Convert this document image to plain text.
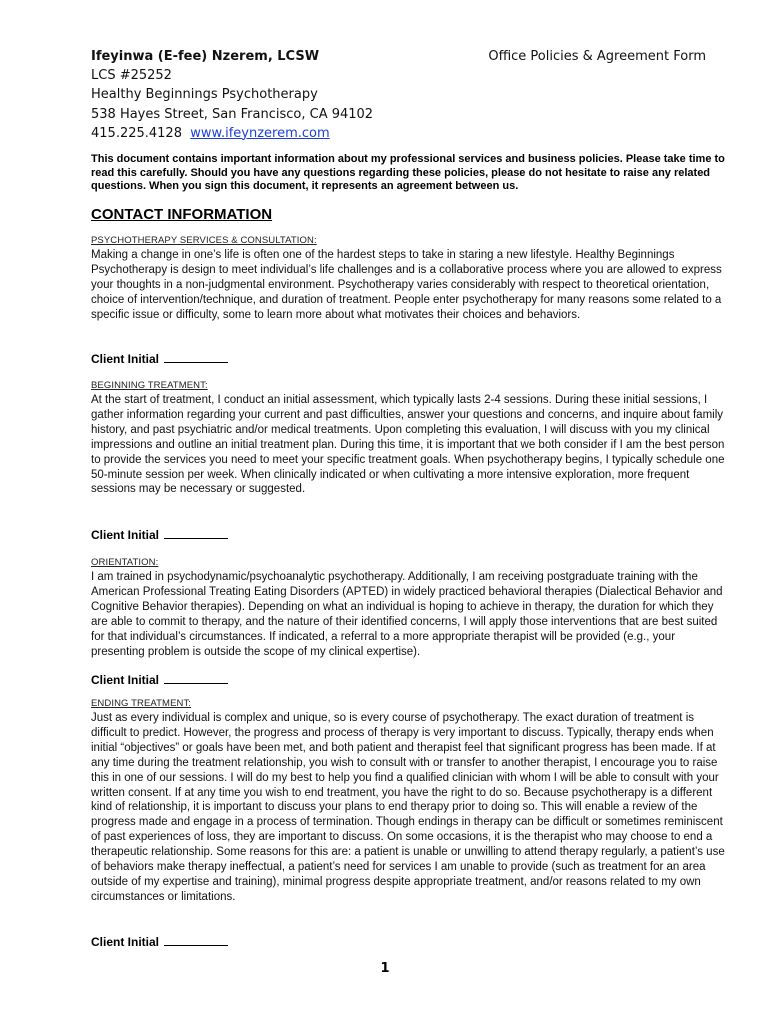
Ifeyinwa (E-fee) Nzerem, LCSW
LCS #25252
Healthy Beginnings Psychotherapy
538 Hayes Street, San Francisco, CA 94102
415.225.4128 www.ifeynzerem.com
Office Policies & Agreement Form

This document contains important information about my professional services and business policies. Please take time to read this carefully. Should you have any questions regarding these policies, please do not hesitate to raise any related questions. When you sign this document, it represents an agreement between us.

CONTACT INFORMATION

PSYCHOTHERAPY SERVICES & CONSULTATION:

Making a change in one’s life is often one of the hardest steps to take in staring a new lifestyle. Healthy Beginnings Psychotherapy is design to meet individual’s life challenges and is a collaborative process where you are allowed to express your thoughts in a non-judgmental environment. Psychotherapy varies considerably with respect to theoretical orientation, choice of intervention/technique, and duration of treatment. People enter psychotherapy for many reasons some related to a specific issue or difficulty, some to learn more about what motivates their choices and behaviors.

Client Initial

BEGINNING TREATMENT:

At the start of treatment, I conduct an initial assessment, which typically lasts 2-4 sessions. During these initial sessions, I gather information regarding your current and past difficulties, answer your questions and concerns, and inquire about family history, and past psychiatric and/or medical treatments. Upon completing this evaluation, I will discuss with you my clinical impressions and outline an initial treatment plan. During this time, it is important that we both consider if I am the best person to provide the services you need to meet your specific treatment goals. When psychotherapy begins, I typically schedule one 50-minute session per week. When clinically indicated or when cultivating a more intensive exploration, more frequent sessions may be necessary or suggested.

Client Initial

ORIENTATION:

I am trained in psychodynamic/psychoanalytic psychotherapy. Additionally, I am receiving postgraduate training with the American Professional Treating Eating Disorders (APTED) in widely practiced behavioral therapies (Dialectical Behavior and Cognitive Behavior therapies). Depending on what an individual is hoping to achieve in therapy, the duration for which they are able to commit to therapy, and the nature of their identified concerns, I will apply those interventions that are best suited for that individual’s circumstances. If indicated, a referral to a more appropriate therapist will be provided (e.g., your presenting problem is outside the scope of my clinical expertise).

Client Initial

ENDING TREATMENT:

Just as every individual is complex and unique, so is every course of psychotherapy. The exact duration of treatment is difficult to predict. However, the progress and process of therapy is very important to discuss. Typically, therapy ends when initial “objectives” or goals have been met, and both patient and therapist feel that significant progress has been made. If at any time during the treatment relationship, you wish to consult with or transfer to another therapist, I encourage you to raise this in one of our sessions. I will do my best to help you find a qualified clinician with whom I will be able to consult with your written consent. If at any time you wish to end treatment, you have the right to do so. Because psychotherapy is a different kind of relationship, it is important to discuss your plans to end therapy prior to doing so. This will enable a review of the progress made and engage in a process of termination. Though endings in therapy can be difficult or sometimes reminiscent of past experiences of loss, they are important to discuss. On some occasions, it is the therapist who may choose to end a therapeutic relationship. Some reasons for this are: a patient is unable or unwilling to attend therapy regularly, a patient’s use of behaviors make therapy ineffectual, a patient’s need for services I am unable to provide (such as treatment for an area outside of my expertise and training), minimal progress despite appropriate treatment, and/or reasons related to my own circumstances or limitations.

Client Initial

1
